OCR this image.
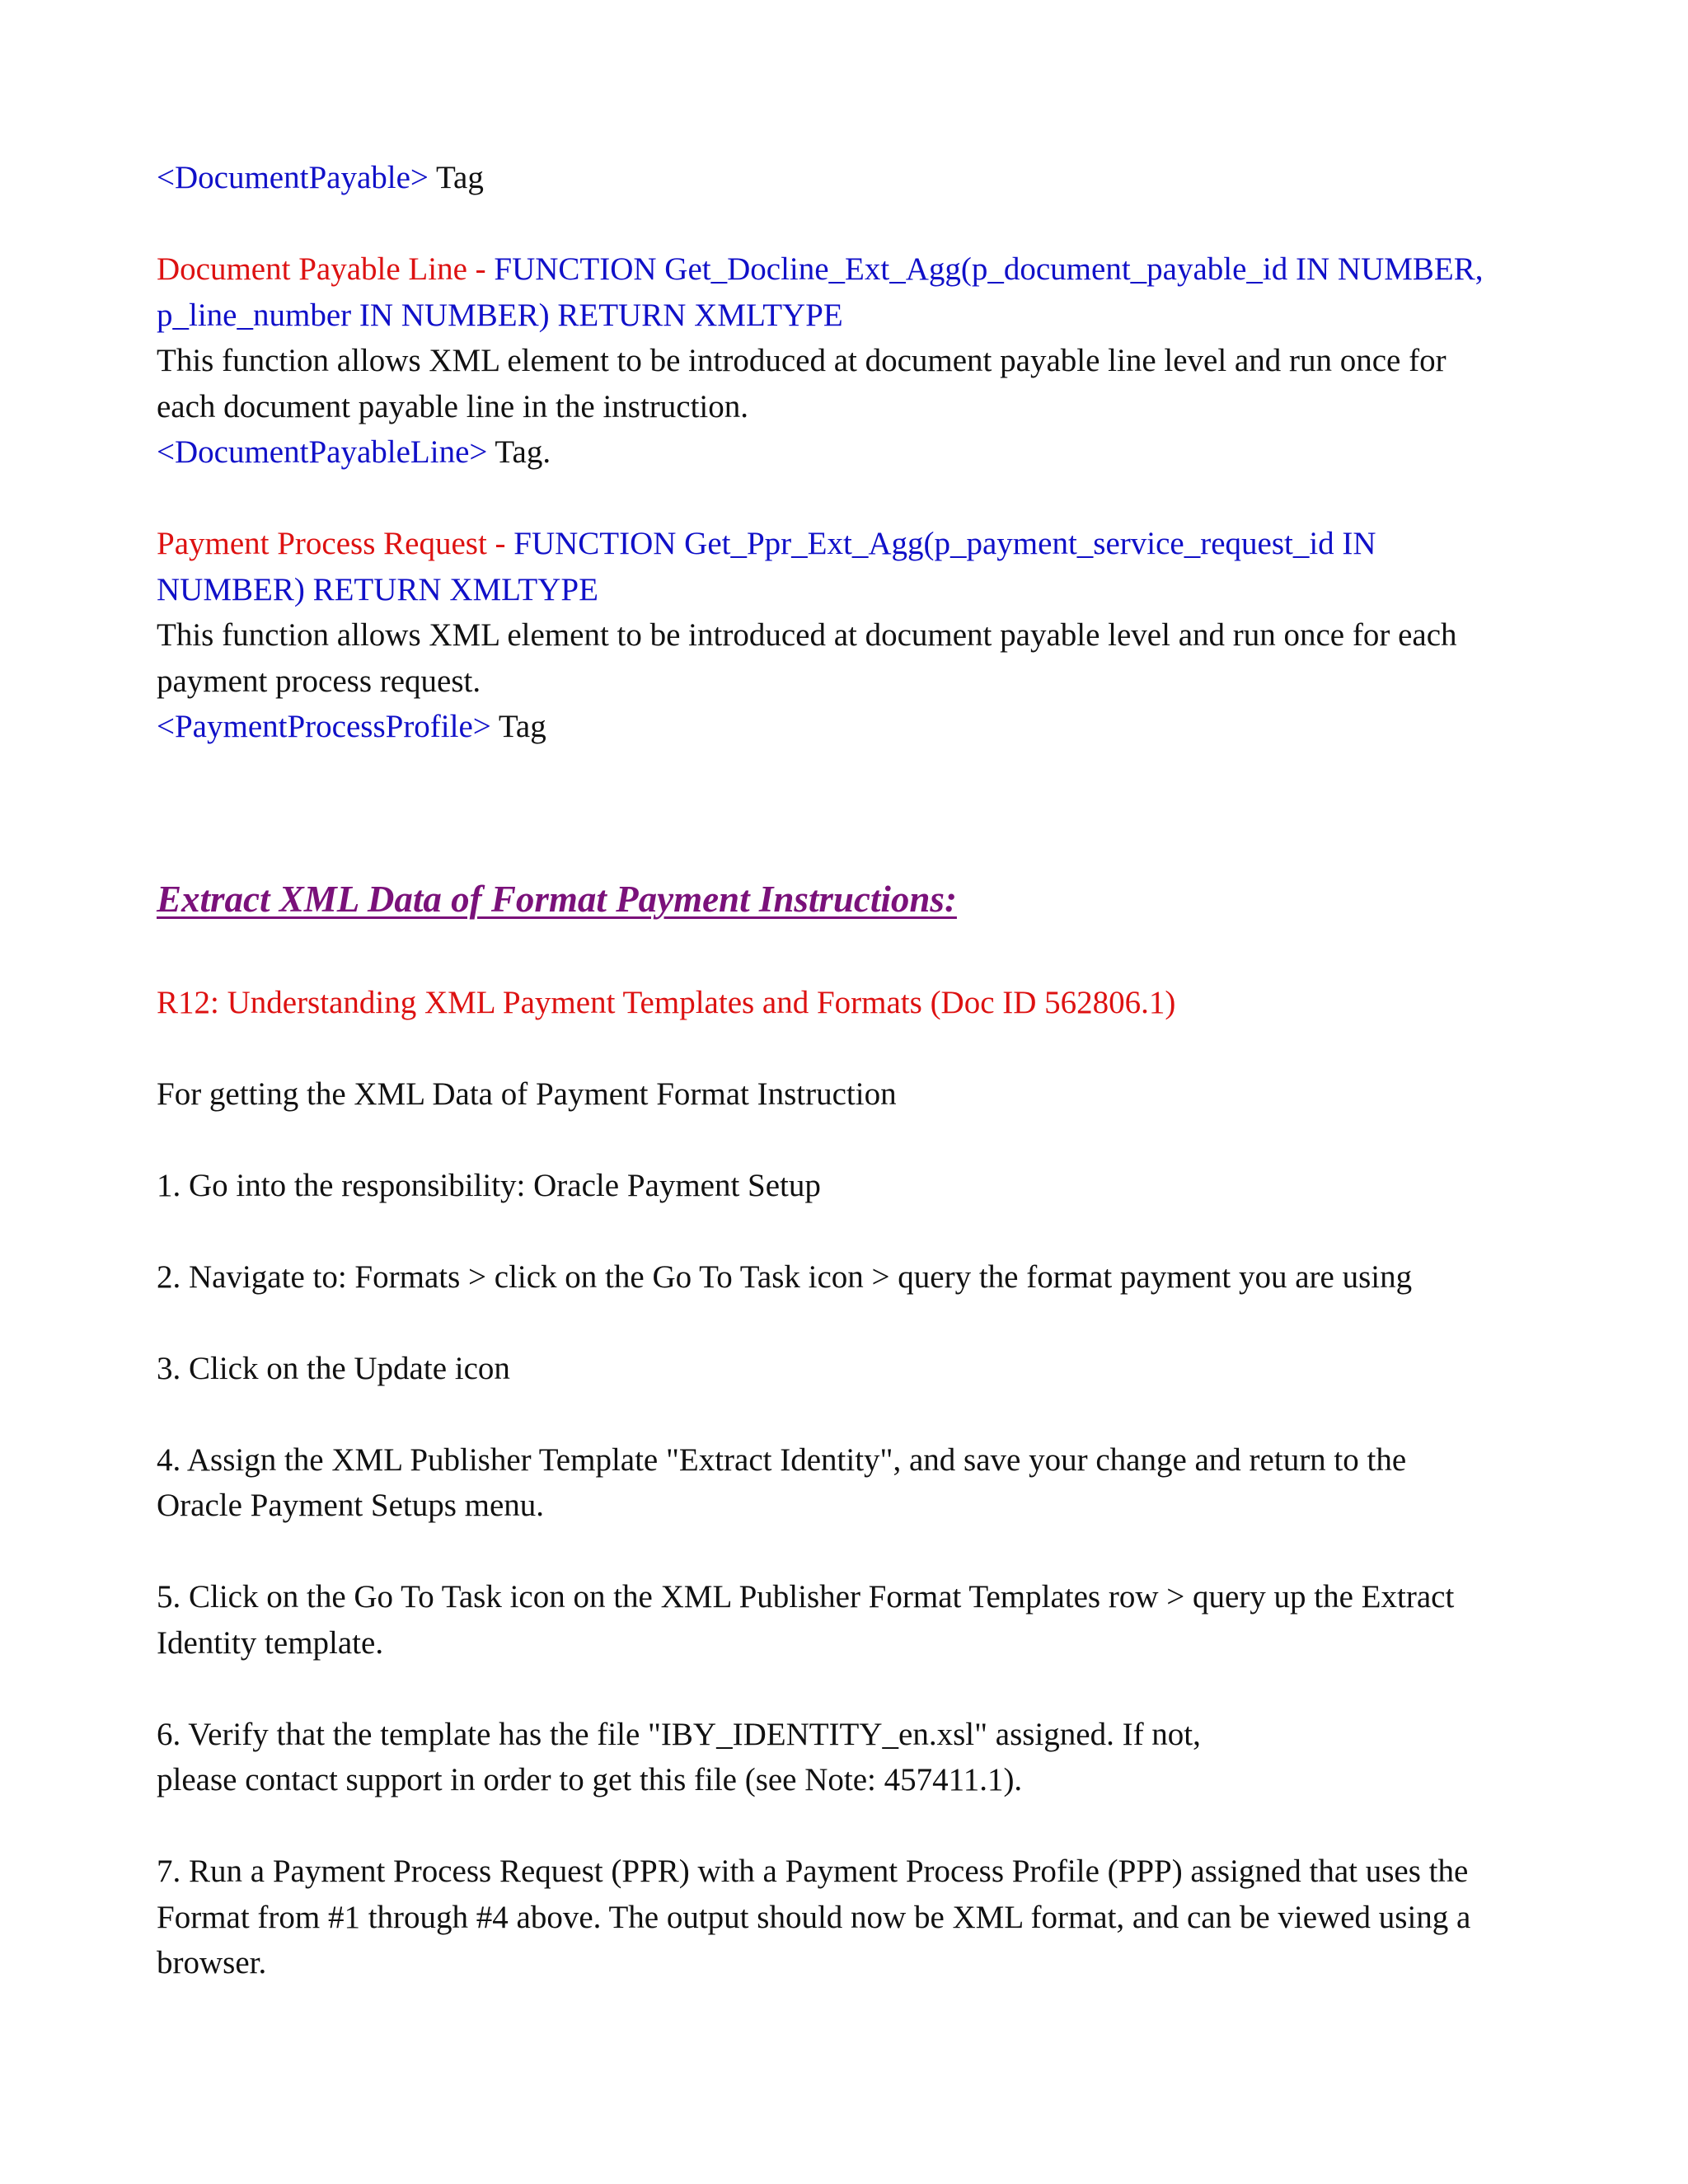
<DocumentPayable> Tag

Document Payable Line - FUNCTION Get_Docline_Ext_Agg(p_document_payable_id IN NUMBER,

p_line_number IN NUMBER) RETURN XMLTYPE

This function allows XML element to be introduced at document payable line level and run once for

each document payable line in the instruction.

<DocumentPayableLine> Tag.

Payment Process Request - FUNCTION Get_Ppr_Ext_Agg(p_payment_service_request_id IN

NUMBER) RETURN XMLTYPE

This function allows XML element to be introduced at document payable level and run once for each

payment process request.

<PaymentProcessProfile> Tag

Extract XML Data of Format Payment Instructions:

R12: Understanding XML Payment Templates and Formats (Doc ID 562806.1)

For getting the XML Data of Payment Format Instruction

1. Go into the responsibility: Oracle Payment Setup

2. Navigate to: Formats > click on the Go To Task icon > query the format payment you are using

3. Click on the Update icon

4. Assign the XML Publisher Template "Extract Identity", and save your change and return to the

Oracle Payment Setups menu.

5. Click on the Go To Task icon on the XML Publisher Format Templates row > query up the Extract

Identity template.

6. Verify that the template has the file "IBY_IDENTITY_en.xsl" assigned. If not,

please contact support in order to get this file (see Note: 457411.1).

7. Run a Payment Process Request (PPR) with a Payment Process Profile (PPP) assigned that uses the

Format from #1 through #4 above. The output should now be XML format, and can be viewed using a

browser.
